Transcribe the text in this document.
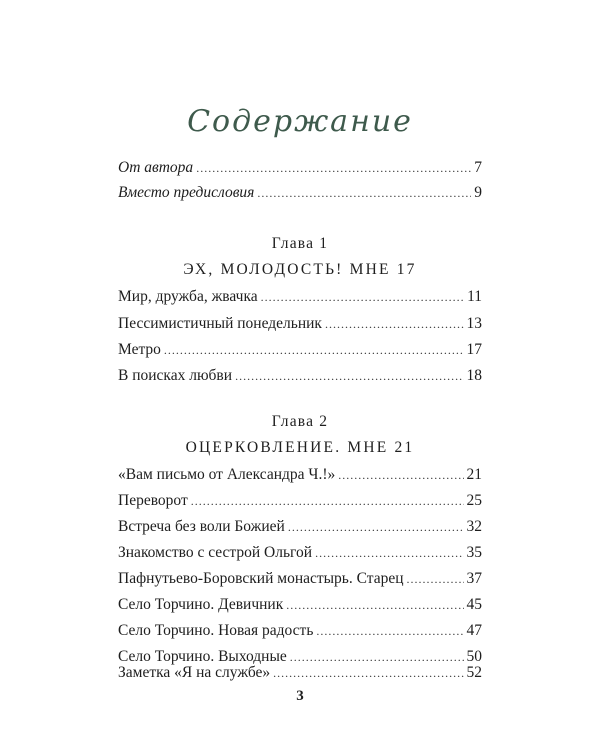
Содержание
От автора .....	7
Вместо предисловия .....	9
Мир, дружба, жвачка .....	11
Пессимистичный понедельник .....	13
Метро .....	17
В поисках любви .....	18
«Вам письмо от Александра Ч.!» .....	21
Переворот .....	25
Встреча без воли Божией .....	32
Знакомство с сестрой Ольгой .....	35
Пафнутьево-Боровский монастырь. Старец .....	37
Село Торчино. Девичник .....	45
Село Торчино. Новая радость .....	47
Село Торчино. Выходные .....	50
Заметка «Я на службе» .....	52
Глава 1
ЭХ, МОЛОДОСТЬ! МНЕ 17
Глава 2
ОЦЕРКОВЛЕНИЕ. МНЕ 21
3
